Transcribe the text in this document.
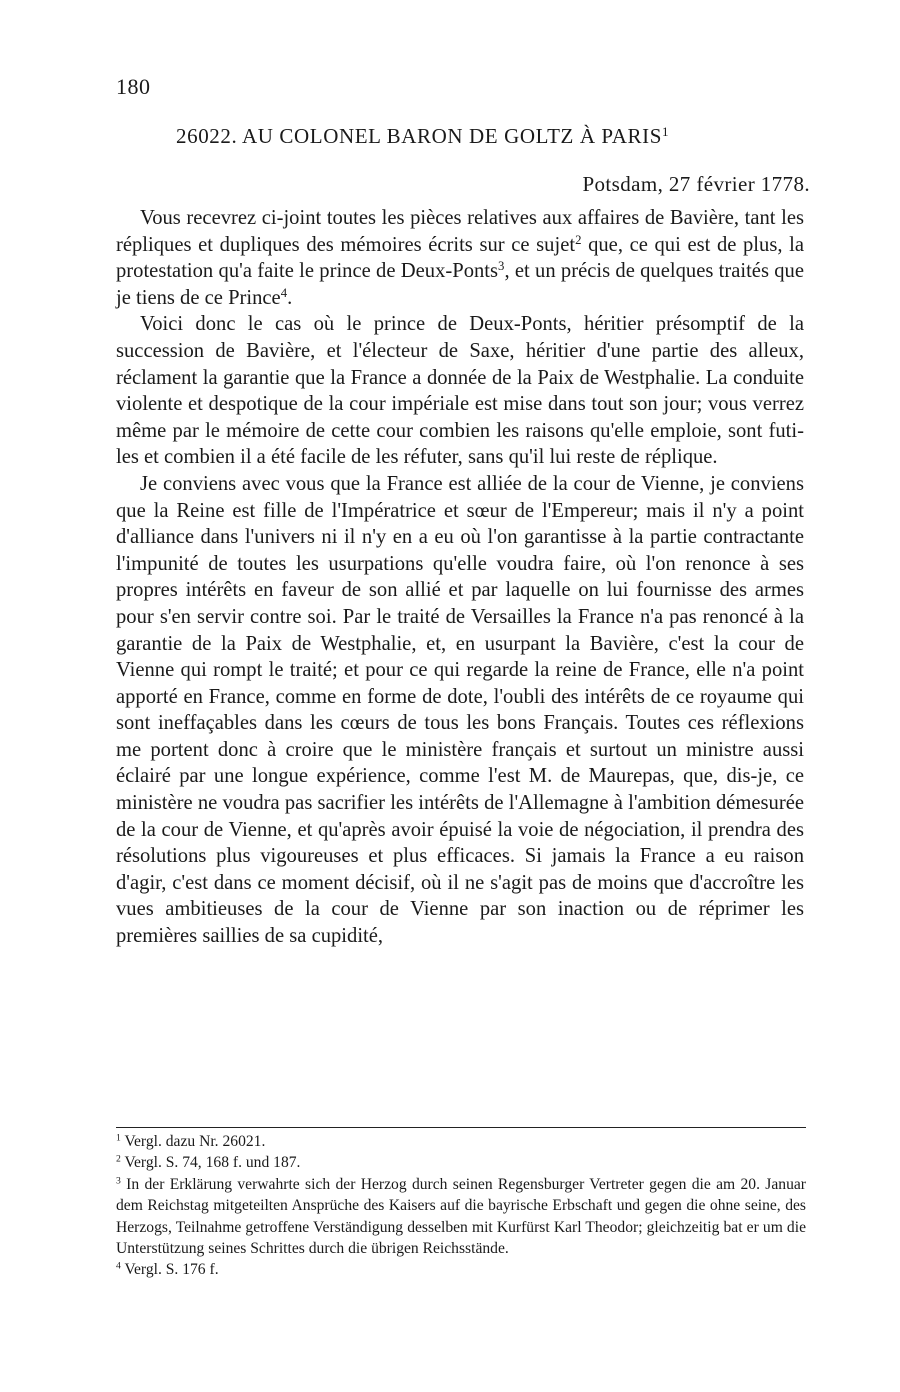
180
26022. AU COLONEL BARON DE GOLTZ À PARIS$^1$
Potsdam, 27 février 1778.

Vous recevrez ci-joint toutes les pièces relatives aux affaires de Bavière, tant les répliques et dupliques des mémoires écrits sur ce sujet$^2$ que, ce qui est de plus, la protestation qu'a faite le prince de Deux-Ponts$^3$, et un précis de quelques traités que je tiens de ce Prince$^4$.

Voici donc le cas où le prince de Deux-Ponts, héritier présomptif de la succession de Bavière, et l'électeur de Saxe, héritier d'une partie des alleux, réclament la garantie que la France a donnée de la Paix de Westphalie. La conduite violente et despotique de la cour impériale est mise dans tout son jour; vous verrez même par le mémoire de cette cour combien les raisons qu'elle emploie, sont futiles et combien il a été facile de les réfuter, sans qu'il lui reste de réplique.

Je conviens avec vous que la France est alliée de la cour de Vienne, je conviens que la Reine est fille de l'Impératrice et sœur de l'Empereur; mais il n'y a point d'alliance dans l'univers ni il n'y en a eu où l'on garantisse à la partie contractante l'impunité de toutes les usurpations qu'elle voudra faire, où l'on renonce à ses propres intérêts en faveur de son allié et par laquelle on lui fournisse des armes pour s'en servir contre soi. Par le traité de Versailles la France n'a pas renoncé à la garantie de la Paix de Westphalie, et, en usurpant la Bavière, c'est la cour de Vienne qui rompt le traité; et pour ce qui regarde la reine de France, elle n'a point apporté en France, comme en forme de dote, l'oubli des intérêts de ce royaume qui sont ineffaçables dans les cœurs de tous les bons Français. Toutes ces réflexions me portent donc à croire que le ministère français et surtout un ministre aussi éclairé par une longue expérience, comme l'est M. de Maurepas, que, dis-je, ce ministère ne voudra pas sacrifier les intérêts de l'Allemagne à l'ambition démesurée de la cour de Vienne, et qu'après avoir épuisé la voie de négociation, il prendra des résolutions plus vigoureuses et plus efficaces. Si jamais la France a eu raison d'agir, c'est dans ce moment décisif, où il ne s'agit pas de moins que d'accroître les vues ambitieuses de la cour de Vienne par son inaction ou de réprimer les premières saillies de sa cupidité,

$^1$ Vergl. dazu Nr. 26021.

$^2$ Vergl. S. 74, 168 f. und 187.

$^3$ In der Erklärung verwahrte sich der Herzog durch seinen Regensburger Vertreter gegen die am 20. Januar dem Reichstag mitgeteilten Ansprüche des Kaisers auf die bayrische Erbschaft und gegen die ohne seine, des Herzogs, Teilnahme getroffene Verständigung desselben mit Kurfürst Karl Theodor; gleichzeitig bat er um die Unterstützung seines Schrittes durch die übrigen Reichsstände.

$^4$ Vergl. S. 176 f.
